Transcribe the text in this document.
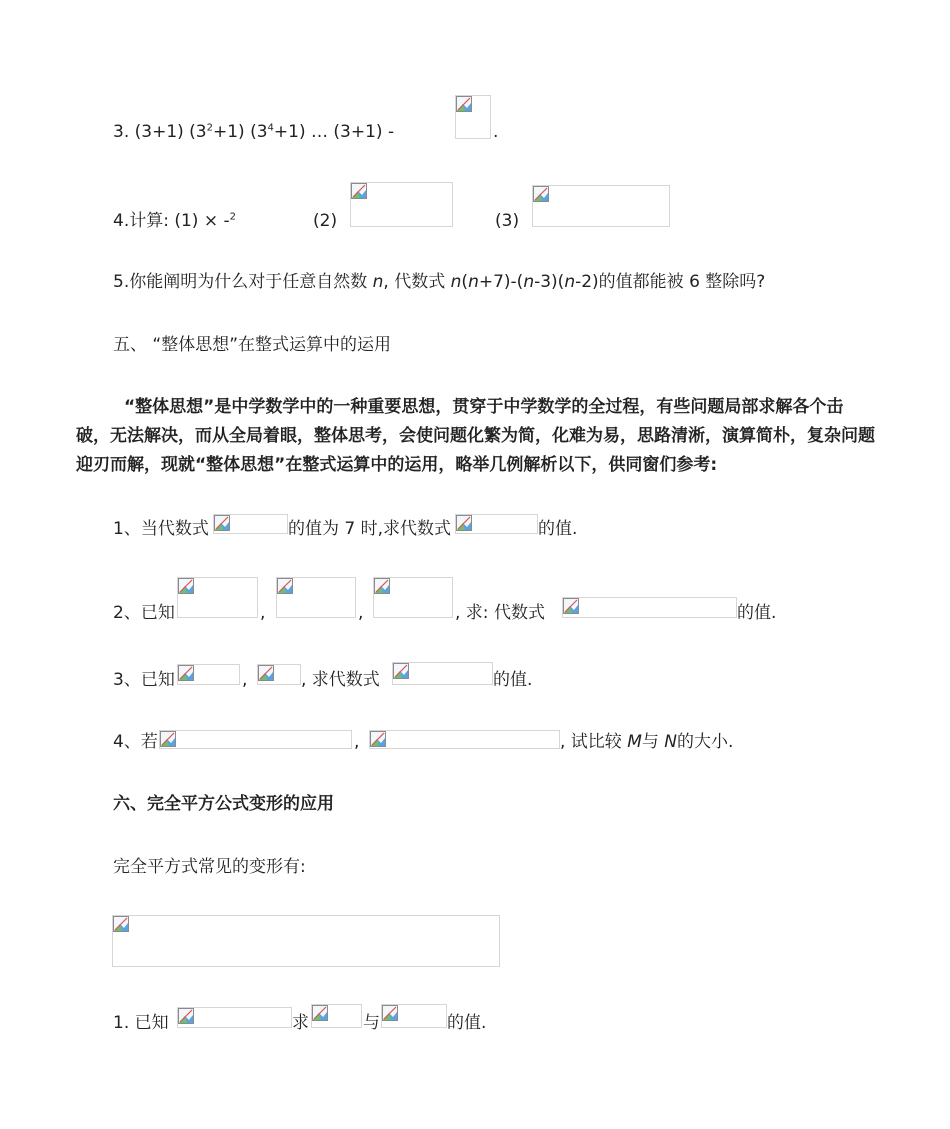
3. (3+1) $(3^2+1)$ $(3^4+1)$ … (3+1) -	.
4.计算: (1) × -$^2$	(2)	(3)
5.你能阐明为什么对于任意自然数 n, 代数式 n(n+7)-(n-3)(n-2)的值都能被 6 整除吗?
五、 “整体思想”在整式运算中的运用
“整体思想”是中学数学中的一种重要思想，贯穿于中学数学的全过程，有些问题局部求解各个击破，无法解决，而从全局着眼，整体思考，会使问题化繁为简，化难为易，思路清淅，演算简朴，复杂问题迎刃而解，现就“整体思想”在整式运算中的运用，略举几例解析以下，供同窗们参考:
1、当代数式	的值为 7 时,求代数式	的值.
2、已知	,	,	, 求: 代数式	的值.
3、已知	,	, 求代数式	的值.
4、若	,	, 试比较 M与 N的大小.
六、完全平方公式变形的应用
完全平方式常见的变形有:
1. 已知	求	与	的值.
